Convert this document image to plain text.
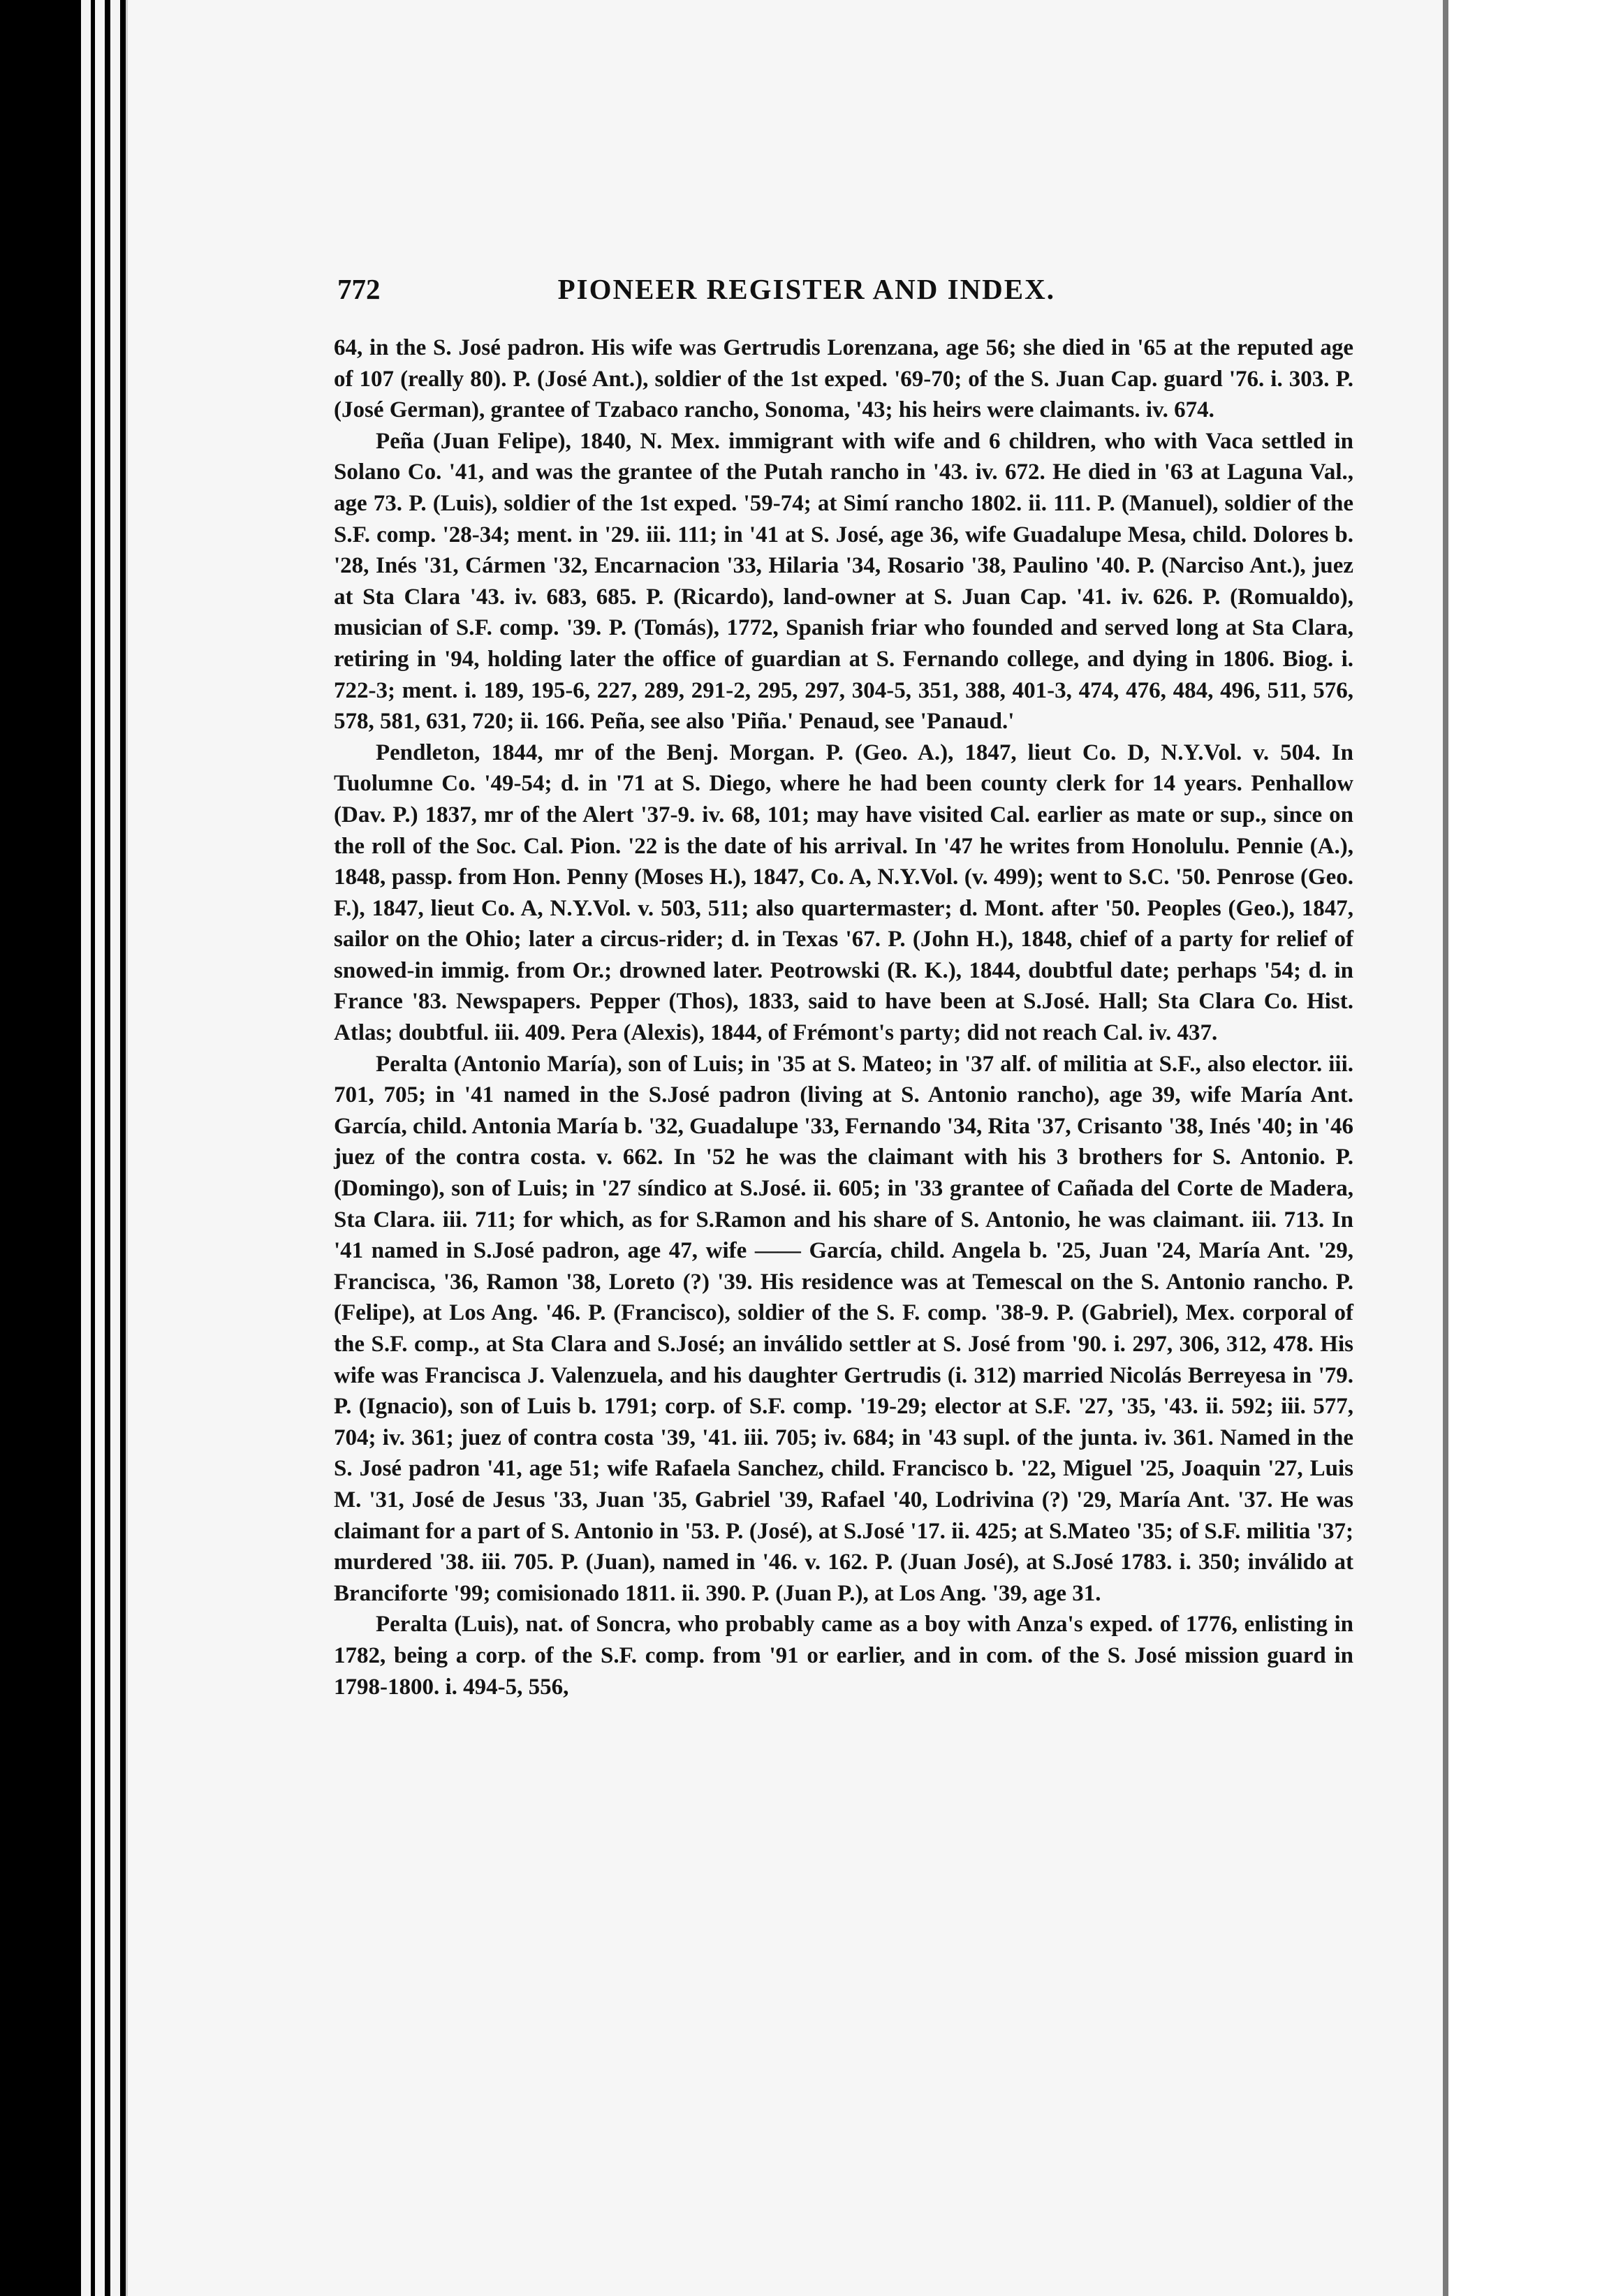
772	PIONEER REGISTER AND INDEX.

64, in the S. José padron. His wife was Gertrudis Lorenzana, age 56; she died in '65 at the reputed age of 107 (really 80). P. (José Ant.), soldier of the 1st exped. '69-70; of the S. Juan Cap. guard '76. i. 303. P. (José German), grantee of Tzabaco rancho, Sonoma, '43; his heirs were claimants. iv. 674.

Peña (Juan Felipe), 1840, N. Mex. immigrant with wife and 6 children, who with Vaca settled in Solano Co. '41, and was the grantee of the Putah rancho in '43. iv. 672. He died in '63 at Laguna Val., age 73. P. (Luis), soldier of the 1st exped. '59-74; at Simí rancho 1802. ii. 111. P. (Manuel), soldier of the S.F. comp. '28-34; ment. in '29. iii. 111; in '41 at S. José, age 36, wife Guadalupe Mesa, child. Dolores b. '28, Inés '31, Cármen '32, Encarnacion '33, Hilaria '34, Rosario '38, Paulino '40. P. (Narciso Ant.), juez at Sta Clara '43. iv. 683, 685. P. (Ricardo), land-owner at S. Juan Cap. '41. iv. 626. P. (Romualdo), musician of S.F. comp. '39. P. (Tomás), 1772, Spanish friar who founded and served long at Sta Clara, retiring in '94, holding later the office of guardian at S. Fernando college, and dying in 1806. Biog. i. 722-3; ment. i. 189, 195-6, 227, 289, 291-2, 295, 297, 304-5, 351, 388, 401-3, 474, 476, 484, 496, 511, 576, 578, 581, 631, 720; ii. 166. Peña, see also 'Piña.' Penaud, see 'Panaud.'

Pendleton, 1844, mr of the Benj. Morgan. P. (Geo. A.), 1847, lieut Co. D, N.Y.Vol. v. 504. In Tuolumne Co. '49-54; d. in '71 at S. Diego, where he had been county clerk for 14 years. Penhallow (Dav. P.) 1837, mr of the Alert '37-9. iv. 68, 101; may have visited Cal. earlier as mate or sup., since on the roll of the Soc. Cal. Pion. '22 is the date of his arrival. In '47 he writes from Honolulu. Pennie (A.), 1848, passp. from Hon. Penny (Moses H.), 1847, Co. A, N.Y.Vol. (v. 499); went to S.C. '50. Penrose (Geo. F.), 1847, lieut Co. A, N.Y.Vol. v. 503, 511; also quartermaster; d. Mont. after '50. Peoples (Geo.), 1847, sailor on the Ohio; later a circus-rider; d. in Texas '67. P. (John H.), 1848, chief of a party for relief of snowed-in immig. from Or.; drowned later. Peotrowski (R. K.), 1844, doubtful date; perhaps '54; d. in France '83. Newspapers. Pepper (Thos), 1833, said to have been at S.José. Hall; Sta Clara Co. Hist. Atlas; doubtful. iii. 409. Pera (Alexis), 1844, of Frémont's party; did not reach Cal. iv. 437.

Peralta (Antonio María), son of Luis; in '35 at S. Mateo; in '37 alf. of militia at S.F., also elector. iii. 701, 705; in '41 named in the S.José padron (living at S. Antonio rancho), age 39, wife María Ant. García, child. Antonia María b. '32, Guadalupe '33, Fernando '34, Rita '37, Crisanto '38, Inés '40; in '46 juez of the contra costa. v. 662. In '52 he was the claimant with his 3 brothers for S. Antonio. P. (Domingo), son of Luis; in '27 síndico at S.José. ii. 605; in '33 grantee of Cañada del Corte de Madera, Sta Clara. iii. 711; for which, as for S.Ramon and his share of S. Antonio, he was claimant. iii. 713. In '41 named in S.José padron, age 47, wife —— García, child. Angela b. '25, Juan '24, María Ant. '29, Francisca, '36, Ramon '38, Loreto (?) '39. His residence was at Temescal on the S. Antonio rancho. P. (Felipe), at Los Ang. '46. P. (Francisco), soldier of the S. F. comp. '38-9. P. (Gabriel), Mex. corporal of the S.F. comp., at Sta Clara and S.José; an inválido settler at S. José from '90. i. 297, 306, 312, 478. His wife was Francisca J. Valenzuela, and his daughter Gertrudis (i. 312) married Nicolás Berreyesa in '79. P. (Ignacio), son of Luis b. 1791; corp. of S.F. comp. '19-29; elector at S.F. '27, '35, '43. ii. 592; iii. 577, 704; iv. 361; juez of contra costa '39, '41. iii. 705; iv. 684; in '43 supl. of the junta. iv. 361. Named in the S. José padron '41, age 51; wife Rafaela Sanchez, child. Francisco b. '22, Miguel '25, Joaquin '27, Luis M. '31, José de Jesus '33, Juan '35, Gabriel '39, Rafael '40, Lodrivina (?) '29, María Ant. '37. He was claimant for a part of S. Antonio in '53. P. (José), at S.José '17. ii. 425; at S.Mateo '35; of S.F. militia '37; murdered '38. iii. 705. P. (Juan), named in '46. v. 162. P. (Juan José), at S.José 1783. i. 350; inválido at Branciforte '99; comisionado 1811. ii. 390. P. (Juan P.), at Los Ang. '39, age 31.

Peralta (Luis), nat. of Soncra, who probably came as a boy with Anza's exped. of 1776, enlisting in 1782, being a corp. of the S.F. comp. from '91 or earlier, and in com. of the S. José mission guard in 1798-1800. i. 494-5, 556,
